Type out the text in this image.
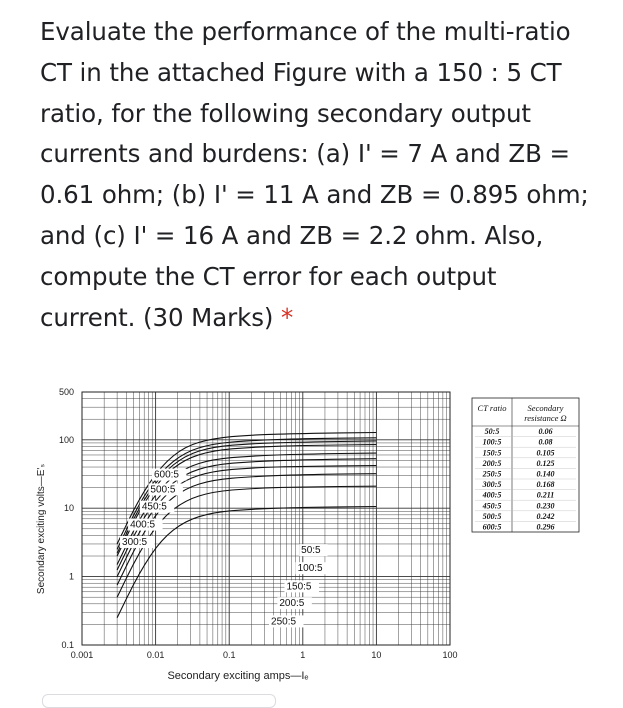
Evaluate the performance of the multi-ratio
CT in the attached Figure with a 150 : 5 CT
ratio, for the following secondary output
currents and burdens: (a) I' = 7 A and ZB =
0.61 ohm; (b) I' = 11 A and ZB = 0.895 ohm;
and (c) I' = 16 A and ZB = 2.2 ohm. Also,
compute the CT error for each output
current. (30 Marks) *
600:5
500:5
450:5
400:5
300:5
50:5
100:5
150:5
200:5
250:5
0.001	0.01	0.1	1	10	100
0.1
1
10
100
500
Secondary exciting amps—Iₑ
Secondary exciting volts—E'ₛ
CT ratio	Secondary resistance Ω
50:5	0.06
100:5	0.08
150:5	0.105
200:5	0.125
250:5	0.140
300:5	0.168
400:5	0.211
450:5	0.230
500:5	0.242
600:5	0.296
